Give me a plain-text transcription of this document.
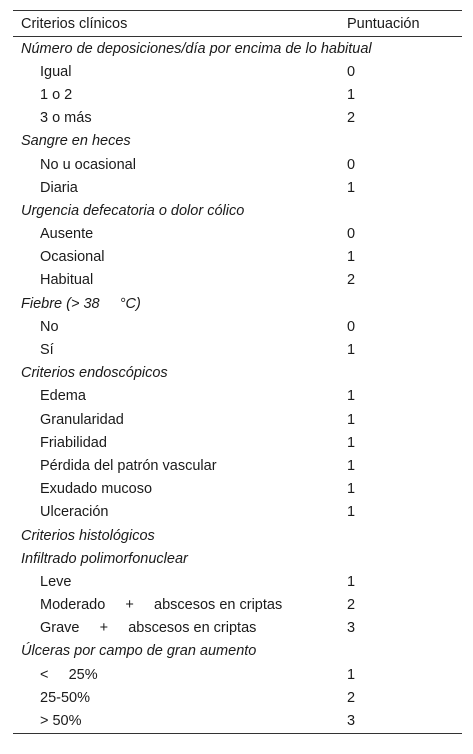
Criterios clínicos	Puntuación
Número de deposiciones/día por encima de lo habitual
Igual	0
1 o 2	1
3 o más	2
Sangre en heces
No u ocasional	0
Diaria	1
Urgencia defecatoria o dolor cólico
Ausente	0
Ocasional	1
Habitual	2
Fiebre (> 38     °C)
No	0
Sí	1
Criterios endoscópicos
Edema	1
Granularidad	1
Friabilidad	1
Pérdida del patrón vascular	1
Exudado mucoso	1
Ulceración	1
Criterios histológicos
Infiltrado polimorfonuclear
Leve	1
Moderado     +     abscesos en criptas	2
Grave     +     abscesos en criptas	3
Úlceras por campo de gran aumento
<     25%	1
25-50%	2
> 50%	3
